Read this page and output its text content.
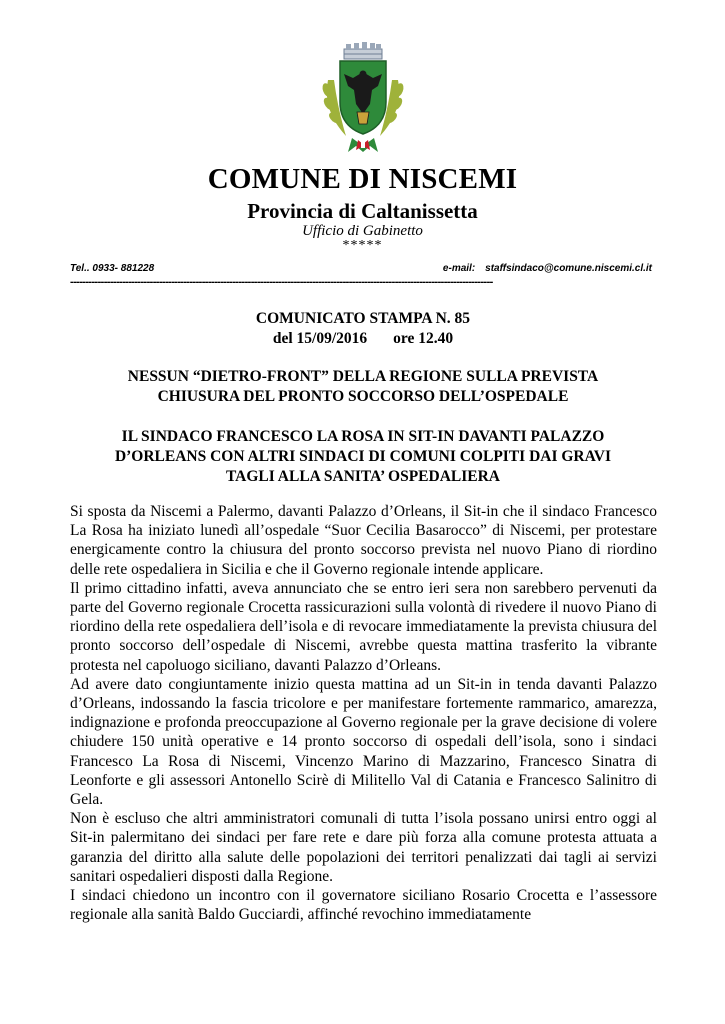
COMUNE DI NISCEMI
Provincia di Caltanissetta
Ufficio di Gabinetto
*****
Tel.. 0933- 881228	e-mail: staffsindaco@comune.niscemi.cl.it
------------------------------------------------------------------------------------------------------------------------------------------
COMUNICATO STAMPA N. 85
del 15/09/2016 ore 12.40
NESSUN “DIETRO-FRONT” DELLA REGIONE SULLA PREVISTA
CHIUSURA DEL PRONTO SOCCORSO DELL’OSPEDALE
IL SINDACO FRANCESCO LA ROSA IN SIT-IN DAVANTI PALAZZO
D’ORLEANS CON ALTRI SINDACI DI COMUNI COLPITI DAI GRAVI
TAGLI ALLA SANITA’ OSPEDALIERA

Si sposta da Niscemi a Palermo, davanti Palazzo d’Orleans, il Sit-in che il sindaco Francesco La Rosa ha iniziato lunedì all’ospedale “Suor Cecilia Basarocco” di Niscemi, per protestare energicamente contro la chiusura del pronto soccorso prevista nel nuovo Piano di riordino delle rete ospedaliera in Sicilia e che il Governo regionale intende applicare.

Il primo cittadino infatti, aveva annunciato che se entro ieri sera non sarebbero pervenuti da parte del Governo regionale Crocetta rassicurazioni sulla volontà di rivedere il nuovo Piano di riordino della rete ospedaliera dell’isola e di revocare immediatamente la prevista chiusura del pronto soccorso dell’ospedale di Niscemi, avrebbe questa mattina trasferito la vibrante protesta nel capoluogo siciliano, davanti Palazzo d’Orleans.

Ad avere dato congiuntamente inizio questa mattina ad un Sit-in in tenda davanti Palazzo d’Orleans, indossando la fascia tricolore e per manifestare fortemente rammarico, amarezza, indignazione e profonda preoccupazione al Governo regionale per la grave decisione di volere chiudere 150 unità operative e 14 pronto soccorso di ospedali dell’isola, sono i sindaci Francesco La Rosa di Niscemi, Vincenzo Marino di Mazzarino, Francesco Sinatra di Leonforte e gli assessori Antonello Scirè di Militello Val di Catania e Francesco Salinitro di Gela.

Non è escluso che altri amministratori comunali di tutta l’isola possano unirsi entro oggi al Sit-in palermitano dei sindaci per fare rete e dare più forza alla comune protesta attuata a garanzia del diritto alla salute delle popolazioni dei territori penalizzati dai tagli ai servizi sanitari ospedalieri disposti dalla Regione.

I sindaci chiedono un incontro con il governatore siciliano Rosario Crocetta e l’assessore regionale alla sanità Baldo Gucciardi, affinché revochino immediatamente
